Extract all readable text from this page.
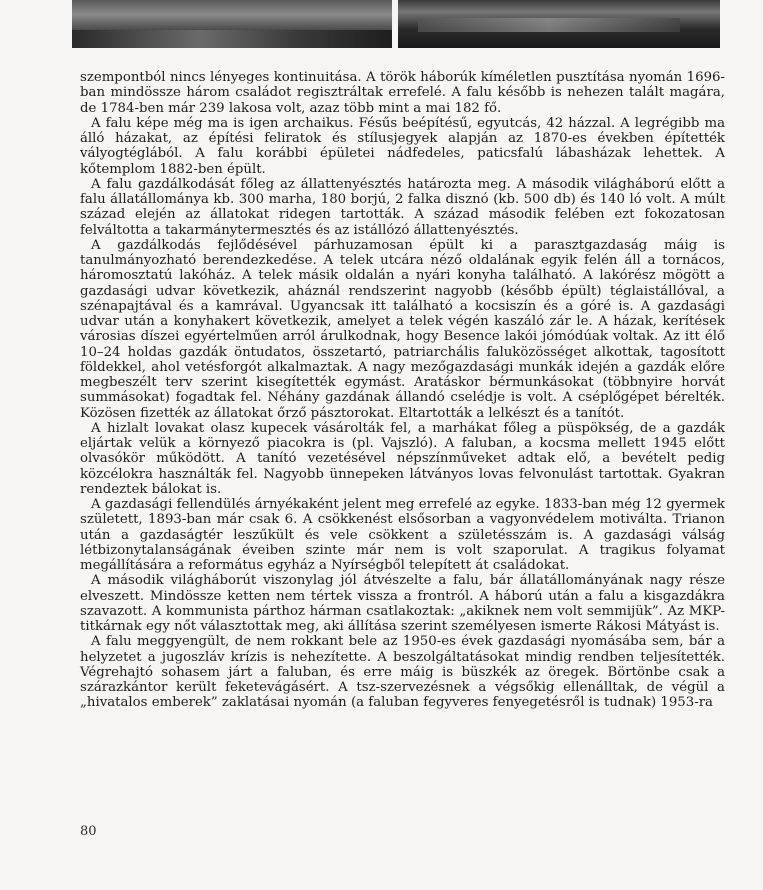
szempontból nincs lényeges kontinuitása. A török háborúk kíméletlen pusztítása nyomán 1696-ban mindössze három családot regisztráltak errefelé. A falu később is nehezen talált magára, de 1784-ben már 239 lakosa volt, azaz több mint a mai 182 fő.

A falu képe még ma is igen archaikus. Fésűs beépítésű, egyutcás, 42 házzal. A legrégibb ma álló házakat, az építési feliratok és stílusjegyek alapján az 1870-es években építették vályogtéglából. A falu korábbi épületei nádfedeles, paticsfalú lábasházak lehettek. A kőtemplom 1882-ben épült.

A falu gazdálkodását főleg az állattenyésztés határozta meg. A második világháború előtt a falu állatállománya kb. 300 marha, 180 borjú, 2 falka disznó (kb. 500 db) és 140 ló volt. A múlt század elején az állatokat ridegen tartották. A század második felében ezt fokozatosan felváltotta a takarmánytermesztés és az istállózó állattenyésztés.

A gazdálkodás fejlődésével párhuzamosan épült ki a parasztgazdaság máig is tanulmányozható berendezkedése. A telek utcára néző oldalának egyik felén áll a tornácos, háromosztatú lakóház. A telek másik oldalán a nyári konyha található. A lakórész mögött a gazdasági udvar következik, aháznál rendszerint nagyobb (később épült) téglaistállóval, a szénapajtával és a kamrával. Ugyancsak itt található a kocsiszín és a góré is. A gazdasági udvar után a konyhakert következik, amelyet a telek végén kaszáló zár le. A házak, kerítések városias díszei egyértelműen arról árulkodnak, hogy Besence lakói jómódúak voltak. Az itt élő 10–24 holdas gazdák öntudatos, összetartó, patriarchális faluközösséget alkottak, tagosított földekkel, ahol vetésforgót alkalmaztak. A nagy mezőgazdasági munkák idején a gazdák előre megbeszélt terv szerint kisegítették egymást. Aratáskor bérmunkásokat (többnyire horvát summásokat) fogadtak fel. Néhány gazdának állandó cselédje is volt. A cséplőgépet bérelték. Közösen fizették az állatokat őrző pásztorokat. Eltartották a lelkészt és a tanítót.

A hizlalt lovakat olasz kupecek vásárolták fel, a marhákat főleg a püspökség, de a gazdák eljártak velük a környező piacokra is (pl. Vajszló). A faluban, a kocsma mellett 1945 előtt olvasókör működött. A tanító vezetésével népszínműveket adtak elő, a bevételt pedig közcélokra használták fel. Nagyobb ünnepeken látványos lovas felvonulást tartottak. Gyakran rendeztek bálokat is.

A gazdasági fellendülés árnyékaként jelent meg errefelé az egyke. 1833-ban még 12 gyermek született, 1893-ban már csak 6. A csökkenést elsősorban a vagyonvédelem motiválta. Trianon után a gazdaságtér leszűkült és vele csökkent a születésszám is. A gazdasági válság létbizonytalanságának éveiben szinte már nem is volt szaporulat. A tragikus folyamat megállítására a református egyház a Nyírségből telepített át családokat.

A második világháborút viszonylag jól átvészelte a falu, bár állatállományának nagy része elveszett. Mindössze ketten nem tértek vissza a frontról. A háború után a falu a kisgazdákra szavazott. A kommunista párthoz hárman csatlakoztak: „akiknek nem volt semmijük”. Az MKP-titkárnak egy nőt választottak meg, aki állítása szerint személyesen ismerte Rákosi Mátyást is.

A falu meggyengült, de nem rokkant bele az 1950-es évek gazdasági nyomásába sem, bár a helyzetet a jugoszláv krízis is nehezítette. A beszolgáltatásokat mindig rendben teljesítették. Végrehajtó sohasem járt a faluban, és erre máig is büszkék az öregek. Börtönbe csak a szárazkántor került feketevágásért. A tsz-szervezésnek a végsőkig ellenálltak, de végül a „hivatalos emberek” zaklatásai nyomán (a faluban fegyveres fenyegetésről is tudnak) 1953-ra

80
